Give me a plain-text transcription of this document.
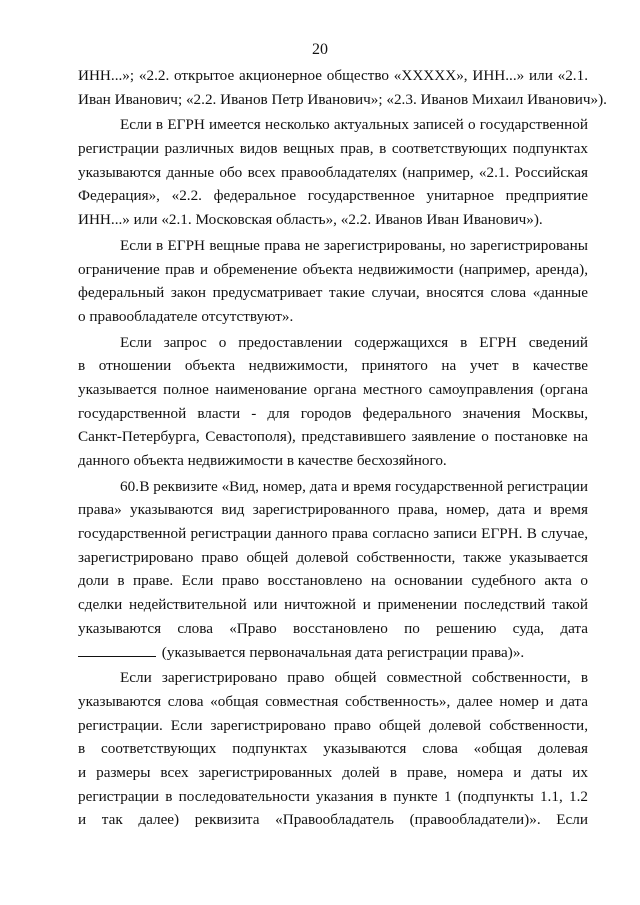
20
ИНН...»; «2.2. открытое акционерное общество «ХХХХХ», ИНН...» или «2.1.
Иван Иванович; «2.2. Иванов Петр Иванович»; «2.3. Иванов Михаил Иванович»).
Если в ЕГРН имеется несколько актуальных записей о государственной
регистрации различных видов вещных прав, в соответствующих подпунктах
указываются данные обо всех правообладателях (например, «2.1. Российская
Федерация», «2.2. федеральное государственное унитарное предприятие
ИНН...» или «2.1. Московская область», «2.2. Иванов Иван Иванович»).
Если в ЕГРН вещные права не зарегистрированы, но зарегистрированы
ограничение прав и обременение объекта недвижимости (например, аренда),
федеральный закон предусматривает такие случаи, вносятся слова «данные
о правообладателе отсутствуют».
Если запрос о предоставлении содержащихся в ЕГРН сведений
в отношении объекта недвижимости, принятого на учет в качестве
указывается полное наименование органа местного самоуправления (органа
государственной власти - для городов федерального значения Москвы,
Санкт-Петербурга, Севастополя), представившего заявление о постановке на
данного объекта недвижимости в качестве бесхозяйного.
60. В реквизите «Вид, номер, дата и время государственной регистрации
права» указываются вид зарегистрированного права, номер, дата и время
государственной регистрации данного права согласно записи ЕГРН. В случае,
зарегистрировано право общей долевой собственности, также указывается
доли в праве. Если право восстановлено на основании судебного акта о
сделки недействительной или ничтожной и применении последствий такой
указываются слова «Право восстановлено по решению суда, дата
(указывается первоначальная дата регистрации права)».
Если зарегистрировано право общей совместной собственности, в
указываются слова «общая совместная собственность», далее номер и дата
регистрации. Если зарегистрировано право общей долевой собственности,
в соответствующих подпунктах указываются слова «общая долевая
и размеры всех зарегистрированных долей в праве, номера и даты их
регистрации в последовательности указания в пункте 1 (подпункты 1.1, 1.2
и так далее) реквизита «Правообладатель (правообладатели)». Если
